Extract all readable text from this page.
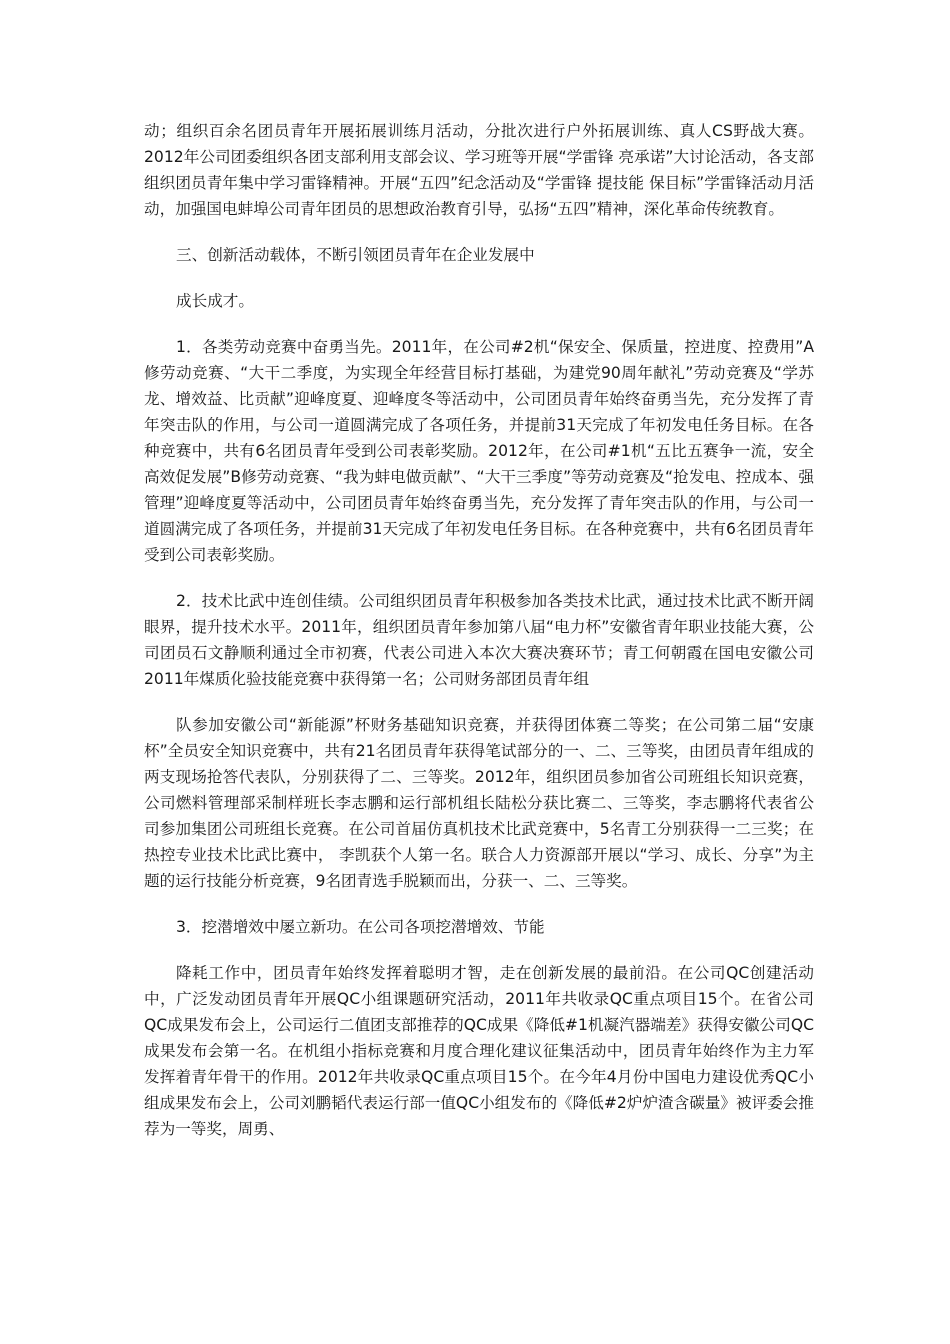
动；组织百余名团员青年开展拓展训练月活动，分批次进行户外拓展训练、真人CS野战大赛。 2012年公司团委组织各团支部利用支部会议、学习班等开展“学雷锋 亮承诺”大讨论活动，各支部组织团员青年集中学习雷锋精神。开展“五四”纪念活动及“学雷锋 提技能 保目标”学雷锋活动月活动，加强国电蚌埠公司青年团员的思想政治教育引导，弘扬“五四”精神，深化革命传统教育。

三、创新活动载体，不断引领团员青年在企业发展中

成长成才。

1．各类劳动竞赛中奋勇当先。2011年，在公司#2机“保安全、保质量，控进度、控费用”A修劳动竞赛、“大干二季度，为实现全年经营目标打基础，为建党90周年献礼”劳动竞赛及“学苏龙、增效益、比贡献”迎峰度夏、迎峰度冬等活动中，公司团员青年始终奋勇当先，充分发挥了青年突击队的作用，与公司一道圆满完成了各项任务，并提前31天完成了年初发电任务目标。在各种竞赛中，共有6名团员青年受到公司表彰奖励。2012年，在公司#1机“五比五赛争一流，安全高效促发展”B修劳动竞赛、“我为蚌电做贡献”、“大干三季度”等劳动竞赛及“抢发电、控成本、强管理”迎峰度夏等活动中，公司团员青年始终奋勇当先，充分发挥了青年突击队的作用，与公司一道圆满完成了各项任务，并提前31天完成了年初发电任务目标。在各种竞赛中，共有6名团员青年受到公司表彰奖励。

2．技术比武中连创佳绩。公司组织团员青年积极参加各类技术比武，通过技术比武不断开阔眼界，提升技术水平。2011年，组织团员青年参加第八届“电力杯”安徽省青年职业技能大赛，公司团员石文静顺利通过全市初赛，代表公司进入本次大赛决赛环节；青工何朝霞在国电安徽公司2011年煤质化验技能竞赛中获得第一名；公司财务部团员青年组

队参加安徽公司“新能源”杯财务基础知识竞赛，并获得团体赛二等奖；在公司第二届“安康杯”全员安全知识竞赛中，共有21名团员青年获得笔试部分的一、二、三等奖，由团员青年组成的两支现场抢答代表队，分别获得了二、三等奖。2012年，组织团员参加省公司班组长知识竞赛，公司燃料管理部采制样班长李志鹏和运行部机组长陆松分获比赛二、三等奖，李志鹏将代表省公司参加集团公司班组长竞赛。在公司首届仿真机技术比武竞赛中，5名青工分别获得一二三奖；在热控专业技术比武比赛中， 李凯获个人第一名。联合人力资源部开展以“学习、成长、分享”为主题的运行技能分析竞赛，9名团青选手脱颖而出，分获一、二、三等奖。

3．挖潜增效中屡立新功。在公司各项挖潜增效、节能

降耗工作中，团员青年始终发挥着聪明才智，走在创新发展的最前沿。在公司QC创建活动中，广泛发动团员青年开展QC小组课题研究活动，2011年共收录QC重点项目15个。在省公司QC成果发布会上，公司运行二值团支部推荐的QC成果《降低#1机凝汽器端差》获得安徽公司QC成果发布会第一名。在机组小指标竞赛和月度合理化建议征集活动中，团员青年始终作为主力军发挥着青年骨干的作用。2012年共收录QC重点项目15个。在今年4月份中国电力建设优秀QC小组成果发布会上，公司刘鹏韬代表运行部一值QC小组发布的《降低#2炉炉渣含碳量》被评委会推荐为一等奖，周勇、
